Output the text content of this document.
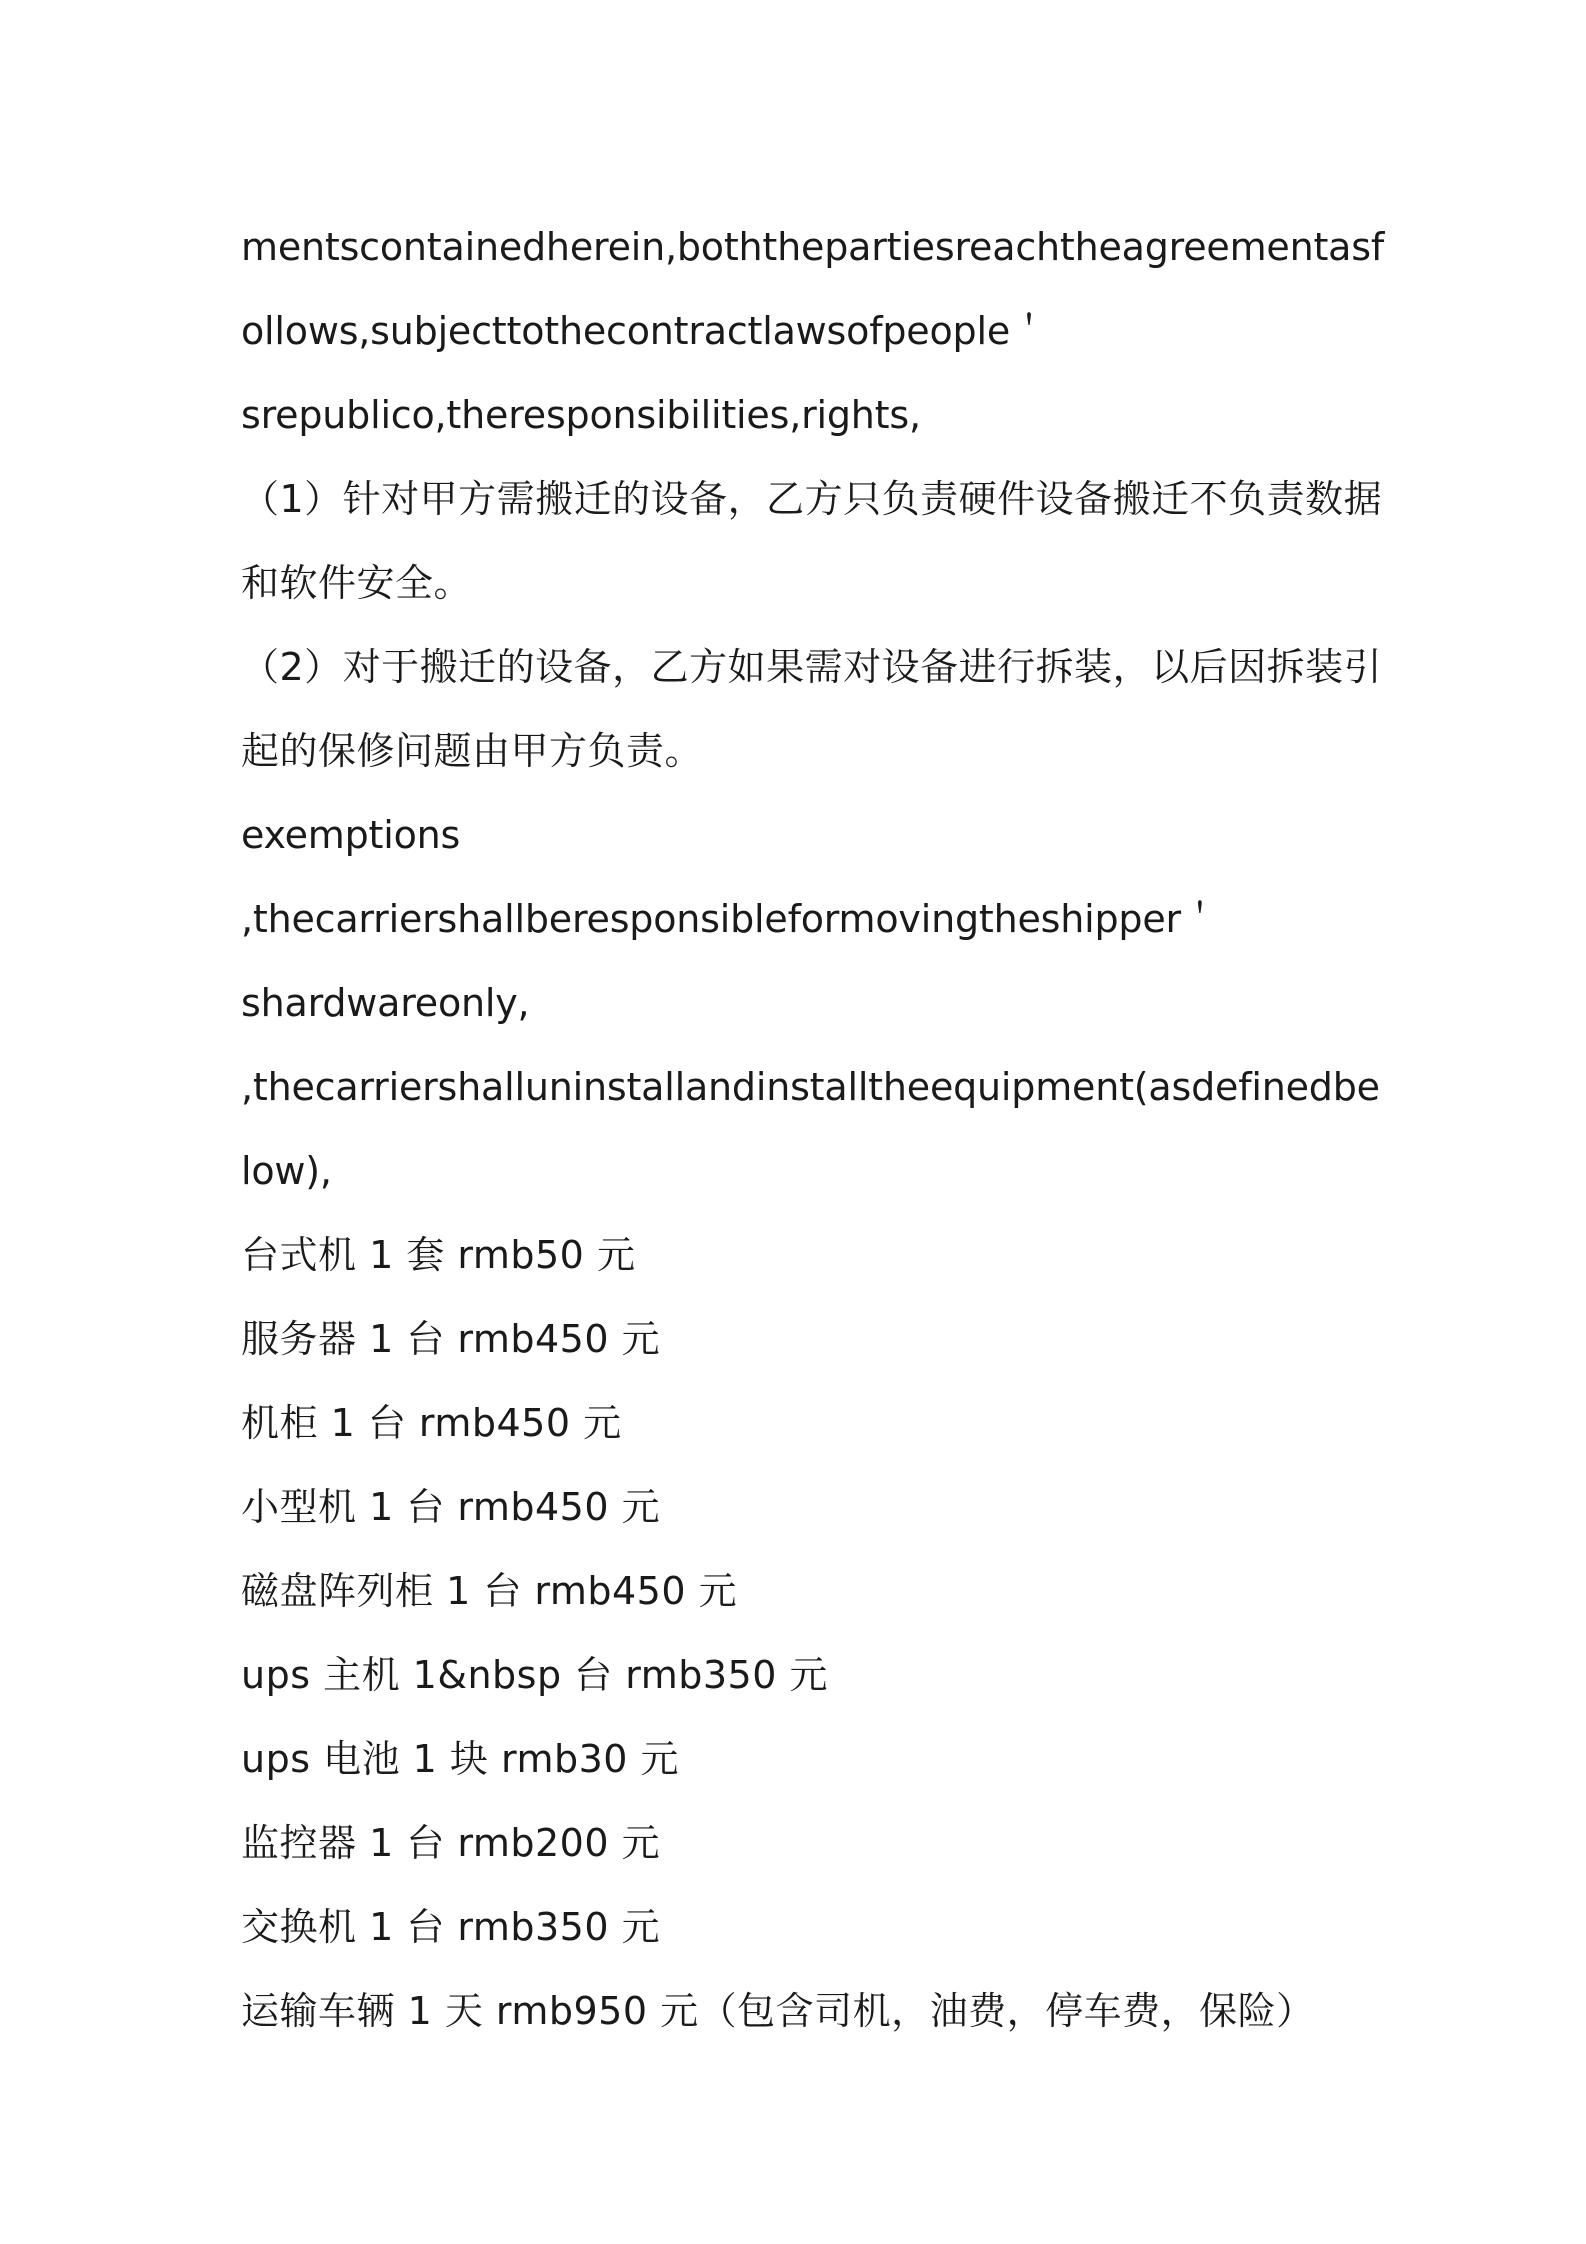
mentscontainedherein,boththepartiesreachtheagreementasf
ollows,subjecttothecontractlawsofpeople＇
srepublico,theresponsibilities,rights,
（1）针对甲方需搬迁的设备，乙方只负责硬件设备搬迁不负责数据
和软件安全。
（2）对于搬迁的设备，乙方如果需对设备进行拆装，以后因拆装引
起的保修问题由甲方负责。
exemptions
,thecarriershallberesponsibleformovingtheshipper＇
shardwareonly,
,thecarriershalluninstallandinstalltheequipment(asdefinedbe
low),
台式机 1 套 rmb50 元
服务器 1 台 rmb450 元
机柜 1 台 rmb450 元
小型机 1 台 rmb450 元
磁盘阵列柜 1 台 rmb450 元
ups 主机 1&nbsp 台 rmb350 元
ups 电池 1 块 rmb30 元
监控器 1 台 rmb200 元
交换机 1 台 rmb350 元
运输车辆 1 天 rmb950 元（包含司机，油费，停车费，保险）
